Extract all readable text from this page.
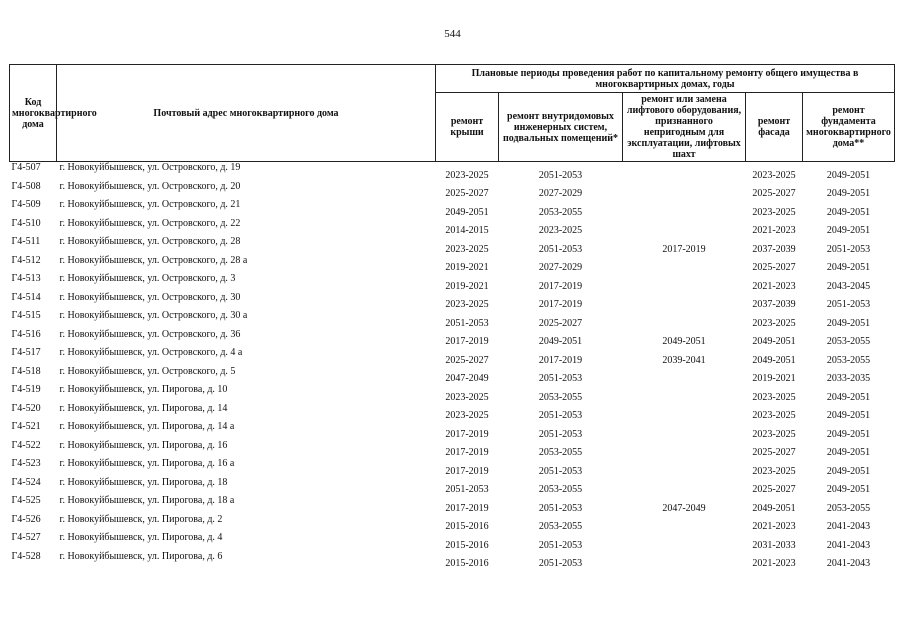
544
Код многоквартирного дома	Почтовый адрес многоквартирного дома	Плановые периоды проведения работ по капитальному ремонту общего имущества в многоквартирных домах, годы				
		ремонт крыши	ремонт внутридомовых инженерных систем, подвальных помещений*	ремонт или замена лифтового оборудования, признанного непригодным для эксплуатации, лифтовых шахт	ремонт фасада	ремонт фундамента многоквартирного дома**
Г4-507	г. Новокуйбышевск, ул. Островского, д. 19	2023-2025	2051-2053		2023-2025	2049-2051
Г4-508	г. Новокуйбышевск, ул. Островского, д. 20	2025-2027	2027-2029		2025-2027	2049-2051
Г4-509	г. Новокуйбышевск, ул. Островского, д. 21	2049-2051	2053-2055		2023-2025	2049-2051
Г4-510	г. Новокуйбышевск, ул. Островского, д. 22	2014-2015	2023-2025		2021-2023	2049-2051
Г4-511	г. Новокуйбышевск, ул. Островского, д. 28	2023-2025	2051-2053	2017-2019	2037-2039	2051-2053
Г4-512	г. Новокуйбышевск, ул. Островского, д. 28 а	2019-2021	2027-2029		2025-2027	2049-2051
Г4-513	г. Новокуйбышевск, ул. Островского, д. 3	2019-2021	2017-2019		2021-2023	2043-2045
Г4-514	г. Новокуйбышевск, ул. Островского, д. 30	2023-2025	2017-2019		2037-2039	2051-2053
Г4-515	г. Новокуйбышевск, ул. Островского, д. 30 а	2051-2053	2025-2027		2023-2025	2049-2051
Г4-516	г. Новокуйбышевск, ул. Островского, д. 36	2017-2019	2049-2051	2049-2051	2049-2051	2053-2055
Г4-517	г. Новокуйбышевск, ул. Островского, д. 4 а	2025-2027	2017-2019	2039-2041	2049-2051	2053-2055
Г4-518	г. Новокуйбышевск, ул. Островского, д. 5	2047-2049	2051-2053		2019-2021	2033-2035
Г4-519	г. Новокуйбышевск, ул. Пирогова, д. 10	2023-2025	2053-2055		2023-2025	2049-2051
Г4-520	г. Новокуйбышевск, ул. Пирогова, д. 14	2023-2025	2051-2053		2023-2025	2049-2051
Г4-521	г. Новокуйбышевск, ул. Пирогова, д. 14 а	2017-2019	2051-2053		2023-2025	2049-2051
Г4-522	г. Новокуйбышевск, ул. Пирогова, д. 16	2017-2019	2053-2055		2025-2027	2049-2051
Г4-523	г. Новокуйбышевск, ул. Пирогова, д. 16 а	2017-2019	2051-2053		2023-2025	2049-2051
Г4-524	г. Новокуйбышевск, ул. Пирогова, д. 18	2051-2053	2053-2055		2025-2027	2049-2051
Г4-525	г. Новокуйбышевск, ул. Пирогова, д. 18 а	2017-2019	2051-2053	2047-2049	2049-2051	2053-2055
Г4-526	г. Новокуйбышевск, ул. Пирогова, д. 2	2015-2016	2053-2055		2021-2023	2041-2043
Г4-527	г. Новокуйбышевск, ул. Пирогова, д. 4	2015-2016	2051-2053		2031-2033	2041-2043
Г4-528	г. Новокуйбышевск, ул. Пирогова, д. 6	2015-2016	2051-2053		2021-2023	2041-2043
